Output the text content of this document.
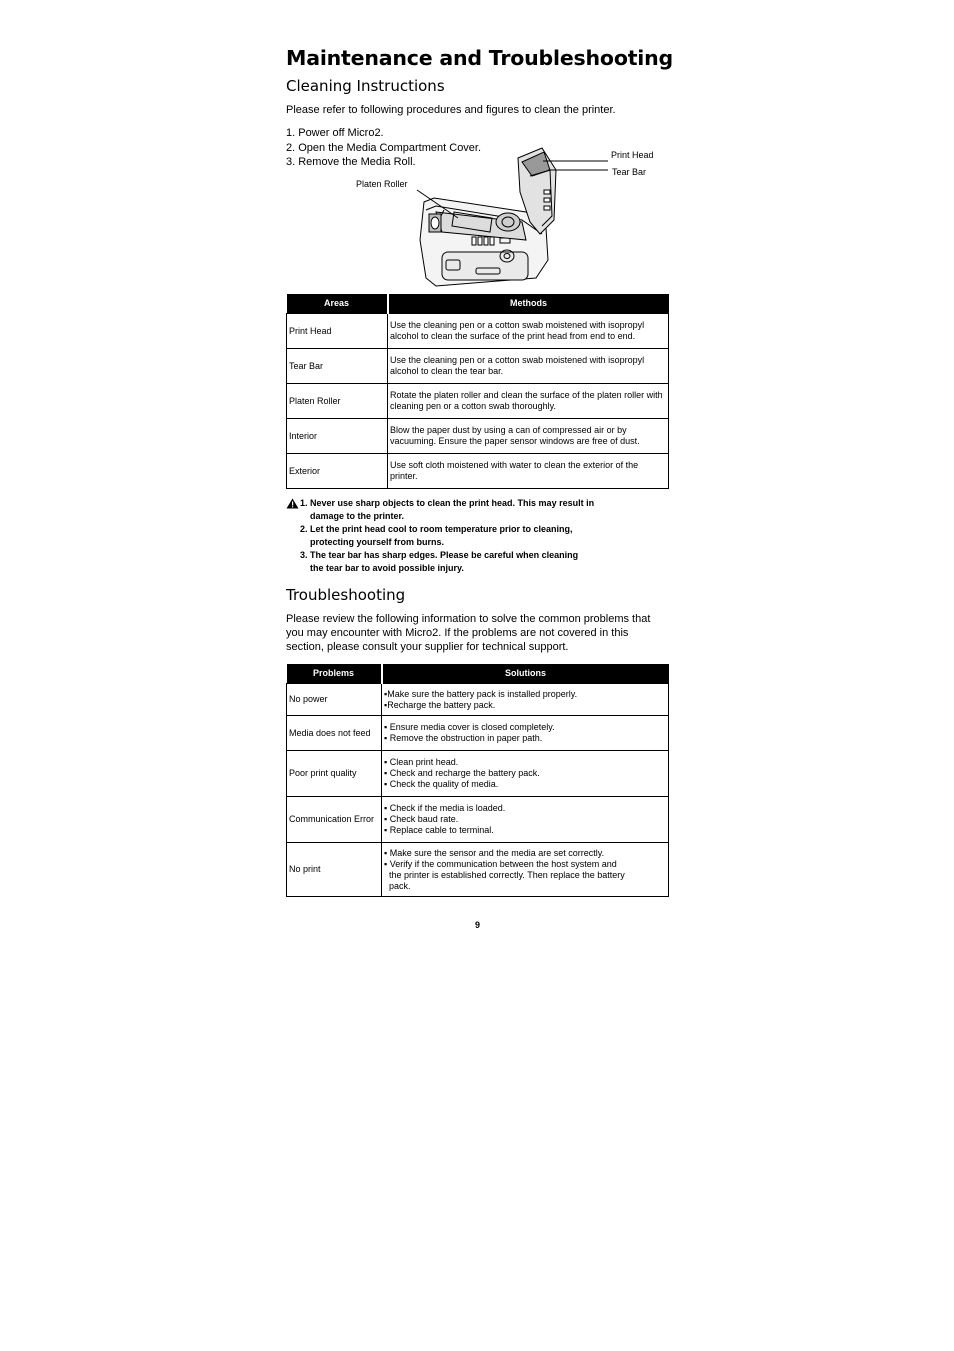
Maintenance and Troubleshooting
Cleaning Instructions
Please refer to following procedures and figures to clean the printer.
1. Power off Micro2.
2. Open the Media Compartment Cover.
3. Remove the Media Roll.
Print Head
Tear Bar
Platen Roller
Areas	Methods
Print Head	Use the cleaning pen or a cotton swab moistened with isopropyl alcohol to clean the surface of the print head from end to end.
Tear Bar	Use the cleaning pen or a cotton swab moistened with isopropyl alcohol to clean the tear bar.
Platen Roller	Rotate the platen roller and clean the surface of the platen roller with cleaning pen or a cotton swab thoroughly.
Interior	Blow the paper dust by using a can of compressed air or by vacuuming. Ensure the paper sensor windows are free of dust.
Exterior	Use soft cloth moistened with water to clean the exterior of the printer.
1. Never use sharp objects to clean the print head. This may result in
damage to the printer.
2. Let the print head cool to room temperature prior to cleaning,
protecting yourself from burns.
3. The tear bar has sharp edges. Please be careful when cleaning
the tear bar to avoid possible injury.
Troubleshooting
Please review the following information to solve the common problems that you may encounter with Micro2. If the problems are not covered in this section, please consult your supplier for technical support.
Problems	Solutions
No power	▪Make sure the battery pack is installed properly.
▪Recharge the battery pack.

Media does not feed	▪ Ensure media cover is closed completely.
▪ Remove the obstruction in paper path.

Poor print quality	▪ Clean print head.
▪ Check and recharge the battery pack.
▪ Check the quality of media.

Communication Error	▪ Check if the media is loaded.
▪ Check baud rate.
▪ Replace cable to terminal.

No print	▪ Make sure the sensor and the media are set correctly.
▪ Verify if the communication between the host system and
the printer is established correctly. Then replace the battery
pack.
9
